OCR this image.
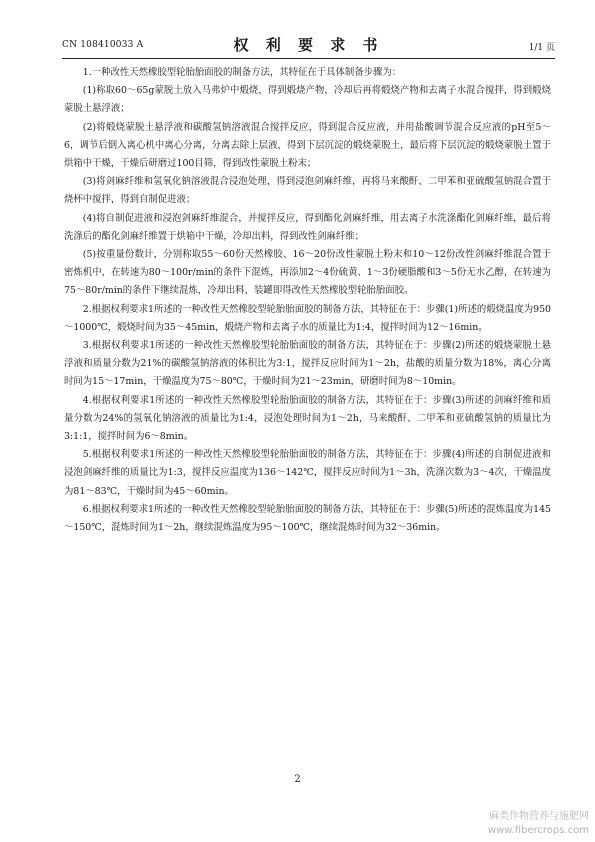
CN 108410033 A	权 利 要 求 书	1/1 页

1.一种改性天然橡胶型轮胎胎面胶的制备方法，其特征在于具体制备步骤为：

(1)称取60～65g蒙脱土放入马弗炉中煅烧，得到煅烧产物，冷却后再将煅烧产物和去离子水混合搅拌，得到煅烧蒙脱土悬浮液；

(2)将煅烧蒙脱土悬浮液和碳酸氢钠溶液混合搅拌反应，得到混合反应液，并用盐酸调节混合反应液的pH至5～6，调节后倒入离心机中离心分离，分离去除上层液，得到下层沉淀的煅烧蒙脱土，最后将下层沉淀的煅烧蒙脱土置于烘箱中干燥，干燥后研磨过100目筛，得到改性蒙脱土粉末；

(3)将剑麻纤维和氢氧化钠溶液混合浸泡处理，得到浸泡剑麻纤维，再将马来酸酐、二甲苯和亚硫酸氢钠混合置于烧杯中搅拌，得到自制促进液；

(4)将自制促进液和浸泡剑麻纤维混合，并搅拌反应，得到酯化剑麻纤维，用去离子水洗涤酯化剑麻纤维，最后将洗涤后的酯化剑麻纤维置于烘箱中干燥，冷却出料，得到改性剑麻纤维；

(5)按重量份数计，分别称取55～60份天然橡胶、16～20份改性蒙脱土粉末和10～12份改性剑麻纤维混合置于密炼机中，在转速为80～100r/min的条件下混炼，再添加2～4份硫黄、1～3份硬脂酸和3～5份无水乙醇，在转速为75～80r/min的条件下继续混炼，冷却出料，装罐即得改性天然橡胶型轮胎胎面胶。

2.根据权利要求1所述的一种改性天然橡胶型轮胎胎面胶的制备方法，其特征在于：步骤(1)所述的煅烧温度为950～1000℃，煅烧时间为35～45min，煅烧产物和去离子水的质量比为1:4，搅拌时间为12～16min。

3.根据权利要求1所述的一种改性天然橡胶型轮胎胎面胶的制备方法，其特征在于：步骤(2)所述的煅烧蒙脱土悬浮液和质量分数为21%的碳酸氢钠溶液的体积比为3:1，搅拌反应时间为1～2h，盐酸的质量分数为18%，离心分离时间为15～17min，干燥温度为75～80℃，干燥时间为21～23min，研磨时间为8～10min。

4.根据权利要求1所述的一种改性天然橡胶型轮胎胎面胶的制备方法，其特征在于：步骤(3)所述的剑麻纤维和质量分数为24%的氢氧化钠溶液的质量比为1:4，浸泡处理时间为1～2h，马来酸酐、二甲苯和亚硫酸氢钠的质量比为3:1:1，搅拌时间为6～8min。

5.根据权利要求1所述的一种改性天然橡胶型轮胎胎面胶的制备方法，其特征在于：步骤(4)所述的自制促进液和浸泡剑麻纤维的质量比为1:3，搅拌反应温度为136～142℃，搅拌反应时间为1～3h，洗涤次数为3～4次，干燥温度为81～83℃，干燥时间为45～60min。

6.根据权利要求1所述的一种改性天然橡胶型轮胎胎面胶的制备方法，其特征在于：步骤(5)所述的混炼温度为145～150℃，混炼时间为1～2h，继续混炼温度为95～100℃，继续混炼时间为32～36min。

2
麻类作物营养与施肥网
www.fibercrops.com
